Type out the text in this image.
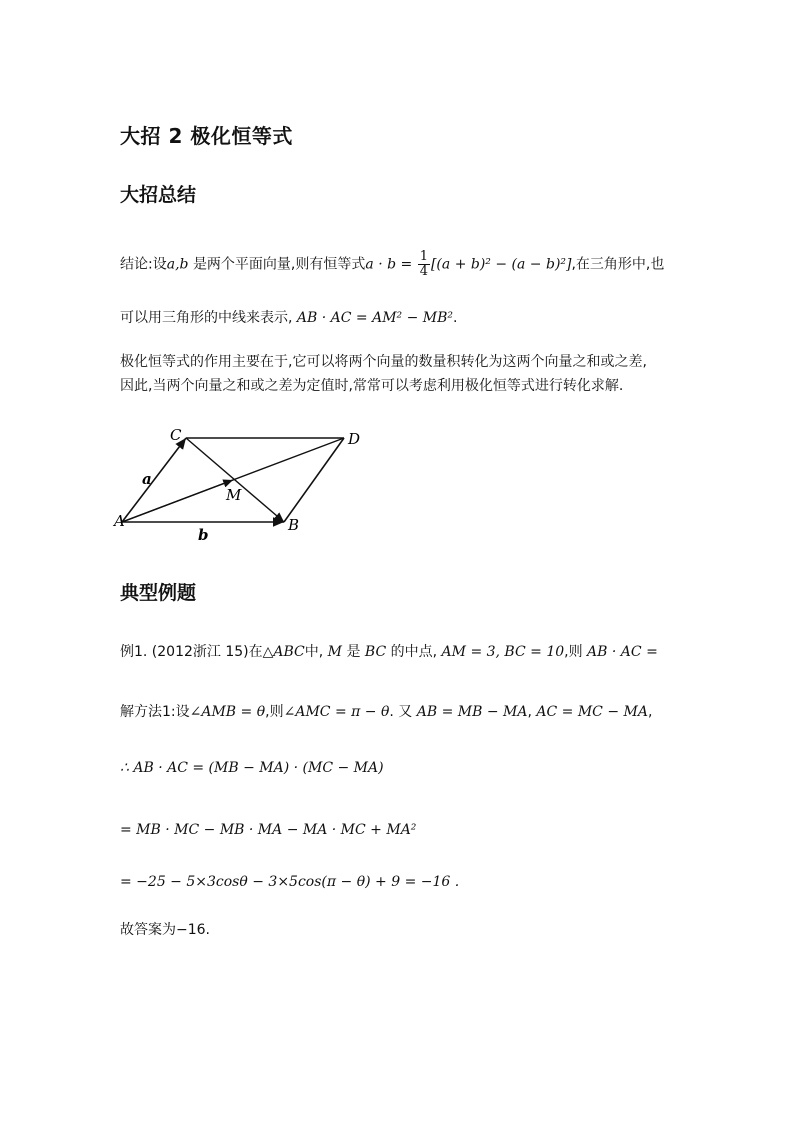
大招 2 极化恒等式
大招总结
结论:设a,b 是两个平面向量,则有恒等式$a \cdot b = \frac{1}{4} [(a + b)^2 - (a - b)^2]$,在三角形中,也
可以用三角形的中线来表示, AB · AC = AM² − MB².
极化恒等式的作用主要在于,它可以将两个向量的数量积转化为这两个向量之和或之差,
因此,当两个向量之和或之差为定值时,常常可以考虑利用极化恒等式进行转化求解.
C	D
A	B
M
a
b
典型例题
例1. (2012浙江 15)在△ABC中, M 是 BC 的中点, AM = 3, BC = 10,则 AB · AC =
解方法1:设∠AMB = θ,则∠AMC = π − θ. 又 AB = MB − MA, AC = MC − MA,
∴ AB · AC = (MB − MA) · (MC − MA)
= MB · MC − MB · MA − MA · MC + MA²
= −25 − 5×3cosθ − 3×5cos(π − θ) + 9 = −16 .
故答案为−16.
